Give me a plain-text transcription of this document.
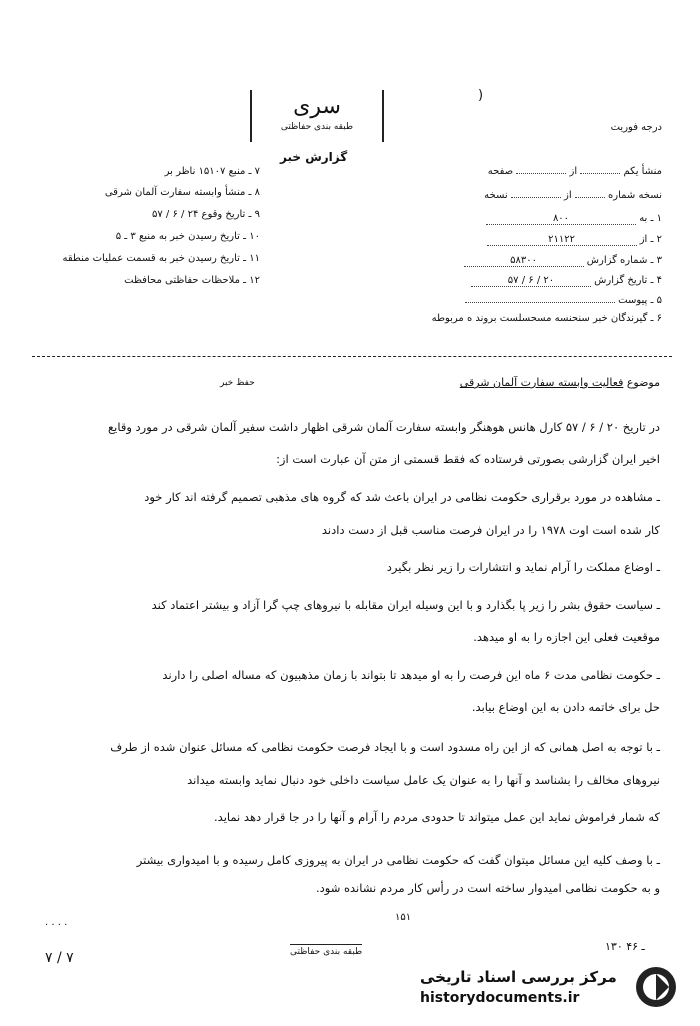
)
درجه فوریت
سری
طبقه بندی حفاظتی
گزارش خبر
منشأ یکم  از  صفحه
نسخه شماره  از  نسخه
۱ ـ به ۸۰۰
۲ ـ از ۲۱۱۲۲
۳ ـ شماره گزارش ۵۸۳۰۰
۴ ـ تاریخ گزارش ۲۰ / ۶ / ۵۷
۵ ـ پیوست
۶ ـ گیرندگان خبر سنحنسه مسحسلست بروند ه مربوطه
۷ ـ منبع ۱۵۱۰۷ ناظر بر
۸ ـ منشأ وابسته سفارت آلمان شرقی
۹ ـ تاریخ وقوع ۲۴ / ۶ / ۵۷
۱۰ ـ تاریخ رسیدن خبر به منبع ۳ ـ ۵
۱۱ ـ تاریخ رسیدن خبر به قسمت عملیات منطقه
۱۲ ـ ملاحظات حفاظتی محافظت
موضوع فعالیت وابسته سفارت آلمان شرقی
حفظ خبر
در تاریخ ۲۰ / ۶ / ۵۷ کارل هانس هوهنگر وابسته سفارت آلمان شرقی اظهار داشت سفیر آلمان شرقی در مورد وقایع
اخیر ایران گزارشی بصورتی فرستاده که فقط قسمتی از متن آن عبارت است از:
ـ مشاهده در مورد برقراری حکومت نظامی در ایران باعث شد که گروه های مذهبی تصمیم گرفته اند کار خود
کار شده است اوت ۱۹۷۸ را در ایران فرصت مناسب قبل از دست دادند
ـ اوضاع مملکت را آرام نماید و انتشارات را زیر نظر بگیرد
ـ سیاست حقوق بشر را زیر پا بگذارد و با این وسیله ایران مقابله با نیروهای چپ گرا آزاد و بیشتر اعتماد کند
موقعیت فعلی این اجازه را به او میدهد.
ـ حکومت نظامی مدت ۶ ماه این فرصت را به او میدهد تا بتواند با زمان مذهبیون که مساله اصلی را دارند
حل برای خاتمه دادن به این اوضاع بیابد.
ـ با توجه به اصل همانی که از این راه مسدود است و با ایجاد فرصت حکومت نظامی که مسائل عنوان شده از طرف
نیروهای مخالف را بشناسد و آنها را به عنوان یک عامل سیاست داخلی خود دنبال نماید وابسته میداند
که شمار فراموش نماید این عمل میتواند تا حدودی مردم را آرام و آنها را در جا قرار دهد نماید.
ـ با وصف کلیه این مسائل میتوان گفت که حکومت نظامی در ایران به پیروزی کامل رسیده و با امیدواری بیشتر
و به حکومت نظامی امیدوار ساخته است در رأس کار مردم نشانده شود.
۱۵۱
۱۳۰ ـ ۴۶
طبقه بندی حفاظتی
۷ / ۷
· · · ·
مرکز بررسی اسناد تاریخی
historydocuments.ir
